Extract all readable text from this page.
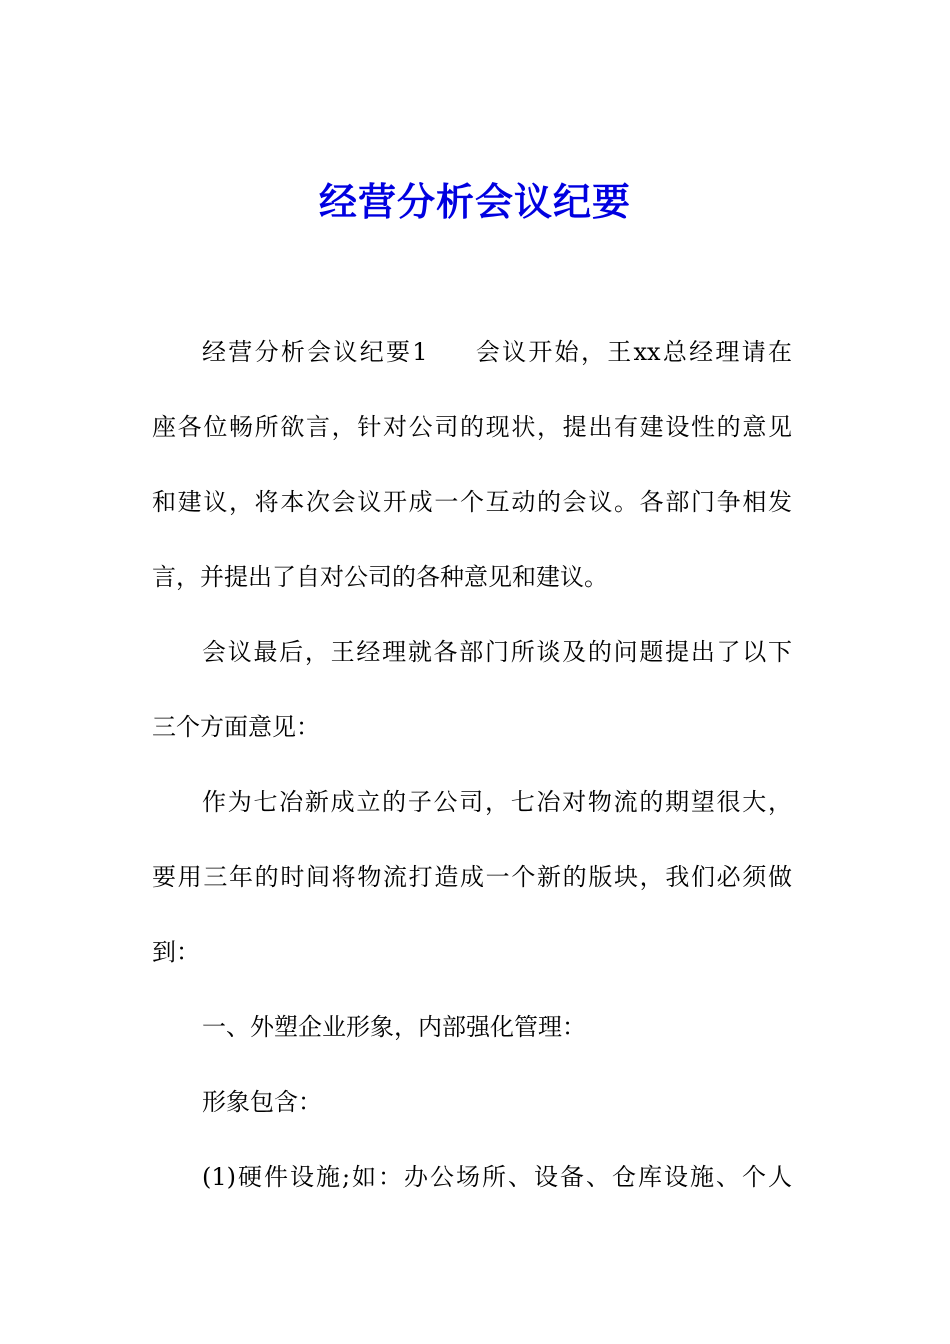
经营分析会议纪要

经营分析会议纪要1 会议开始，王xx总经理请在

座各位畅所欲言，针对公司的现状，提出有建设性的意见

和建议，将本次会议开成一个互动的会议。各部门争相发

言，并提出了自对公司的各种意见和建议。

会议最后，王经理就各部门所谈及的问题提出了以下

三个方面意见：

作为七冶新成立的子公司，七冶对物流的期望很大，

要用三年的时间将物流打造成一个新的版块，我们必须做

到：

一、外塑企业形象，内部强化管理：

形象包含：

(1)硬件设施;如：办公场所、设备、仓库设施、个人
